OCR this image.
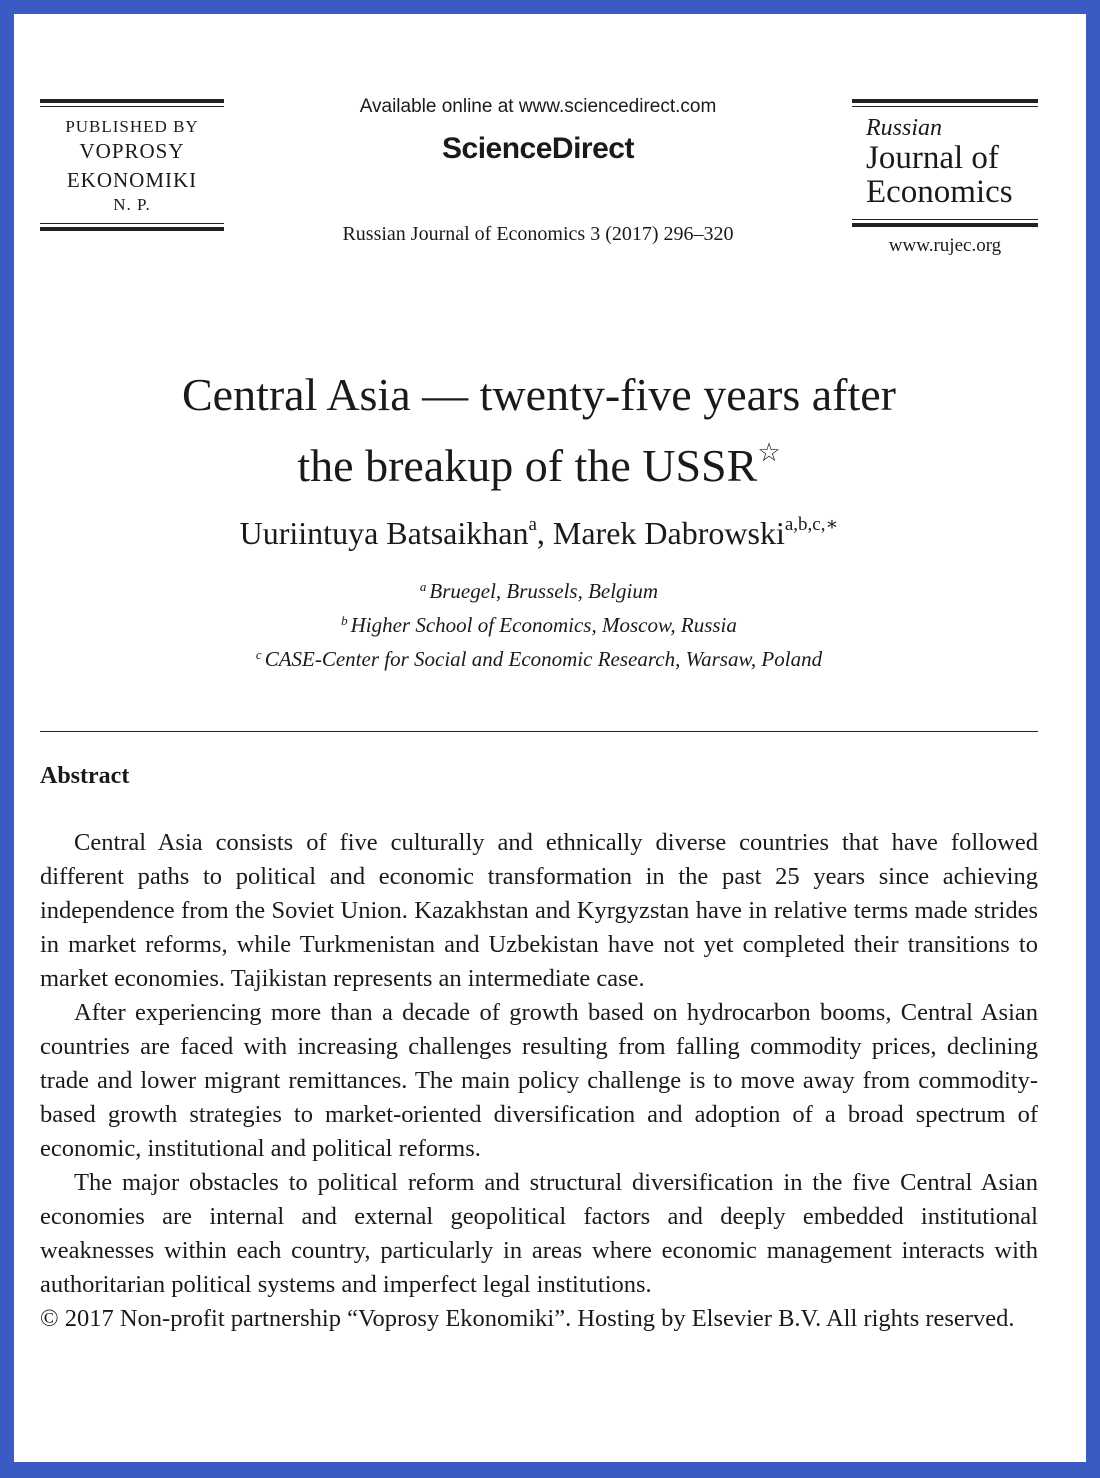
PUBLISHED BY
VOPROSY
EKONOMIKI
N. P.
Available online at www.sciencedirect.com
ScienceDirect
Russian Journal of Economics 3 (2017) 296–320
Russian
Journal of
Economics
www.rujec.org
Central Asia — twenty-five years after
the breakup of the USSR☆
Uuriintuya Batsaikhan$^a$, Marek Dabrowski$^{a,b,c,∗}$
$^a$ Bruegel, Brussels, Belgium
$^b$ Higher School of Economics, Moscow, Russia
$^c$ CASE-Center for Social and Economic Research, Warsaw, Poland
Abstract

Central Asia consists of five culturally and ethnically diverse countries that have followed different paths to political and economic transformation in the past 25 years since achieving independence from the Soviet Union. Kazakhstan and Kyrgyzstan have in relative terms made strides in market reforms, while Turkmenistan and Uzbekistan have not yet completed their transitions to market economies. Tajikistan represents an intermediate case.

After experiencing more than a decade of growth based on hydrocarbon booms, Central Asian countries are faced with increasing challenges resulting from falling commodity prices, declining trade and lower migrant remittances. The main policy challenge is to move away from commodity-based growth strategies to market-oriented diversification and adoption of a broad spectrum of economic, institutional and political reforms.

The major obstacles to political reform and structural diversification in the five Central Asian economies are internal and external geopolitical factors and deeply embedded institutional weaknesses within each country, particularly in areas where economic management interacts with authoritarian political systems and imperfect legal institutions.

© 2017 Non-profit partnership “Voprosy Ekonomiki”. Hosting by Elsevier B.V. All rights reserved.
